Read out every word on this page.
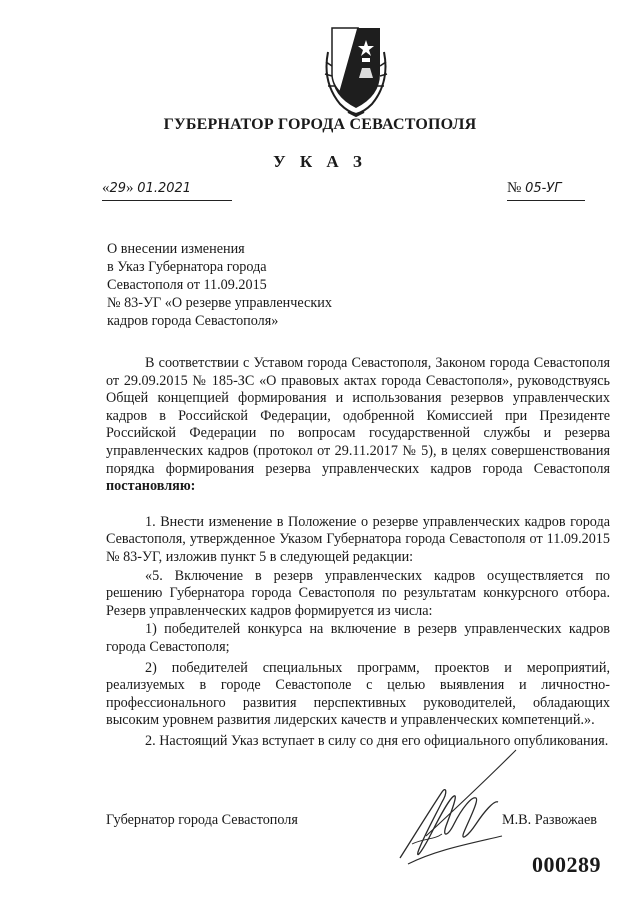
ГУБЕРНАТОР ГОРОДА СЕВАСТОПОЛЯ
У К А З
«29» 01.2021	№ 05-УГ
О внесении изменения
в Указ Губернатора города
Севастополя от 11.09.2015
№ 83-УГ «О резерве управленческих
кадров города Севастополя»

В соответствии с Уставом города Севастополя, Законом города Севастополя от 29.09.2015 № 185-ЗС «О правовых актах города Севастополя», руководствуясь Общей концепцией формирования и использования резервов управленческих кадров в Российской Федерации, одобренной Комиссией при Президенте Российской Федерации по вопросам государственной службы и резерва управленческих кадров (протокол от 29.11.2017 № 5), в целях совершенствования порядка формирования резерва управленческих кадров города Севастополя постановляю:

1. Внести изменение в Положение о резерве управленческих кадров города Севастополя, утвержденное Указом Губернатора города Севастополя от 11.09.2015 № 83-УГ, изложив пункт 5 в следующей редакции:

«5. Включение в резерв управленческих кадров осуществляется по решению Губернатора города Севастополя по результатам конкурсного отбора. Резерв управленческих кадров формируется из числа:

1) победителей конкурса на включение в резерв управленческих кадров города Севастополя;

2) победителей специальных программ, проектов и мероприятий, реализуемых в городе Севастополе с целью выявления и личностно-профессионального развития перспективных руководителей, обладающих высоким уровнем развития лидерских качеств и управленческих компетенций.».

2. Настоящий Указ вступает в силу со дня его официального опубликования.

Губернатор города Севастополя	М.В. Развожаев
000289
